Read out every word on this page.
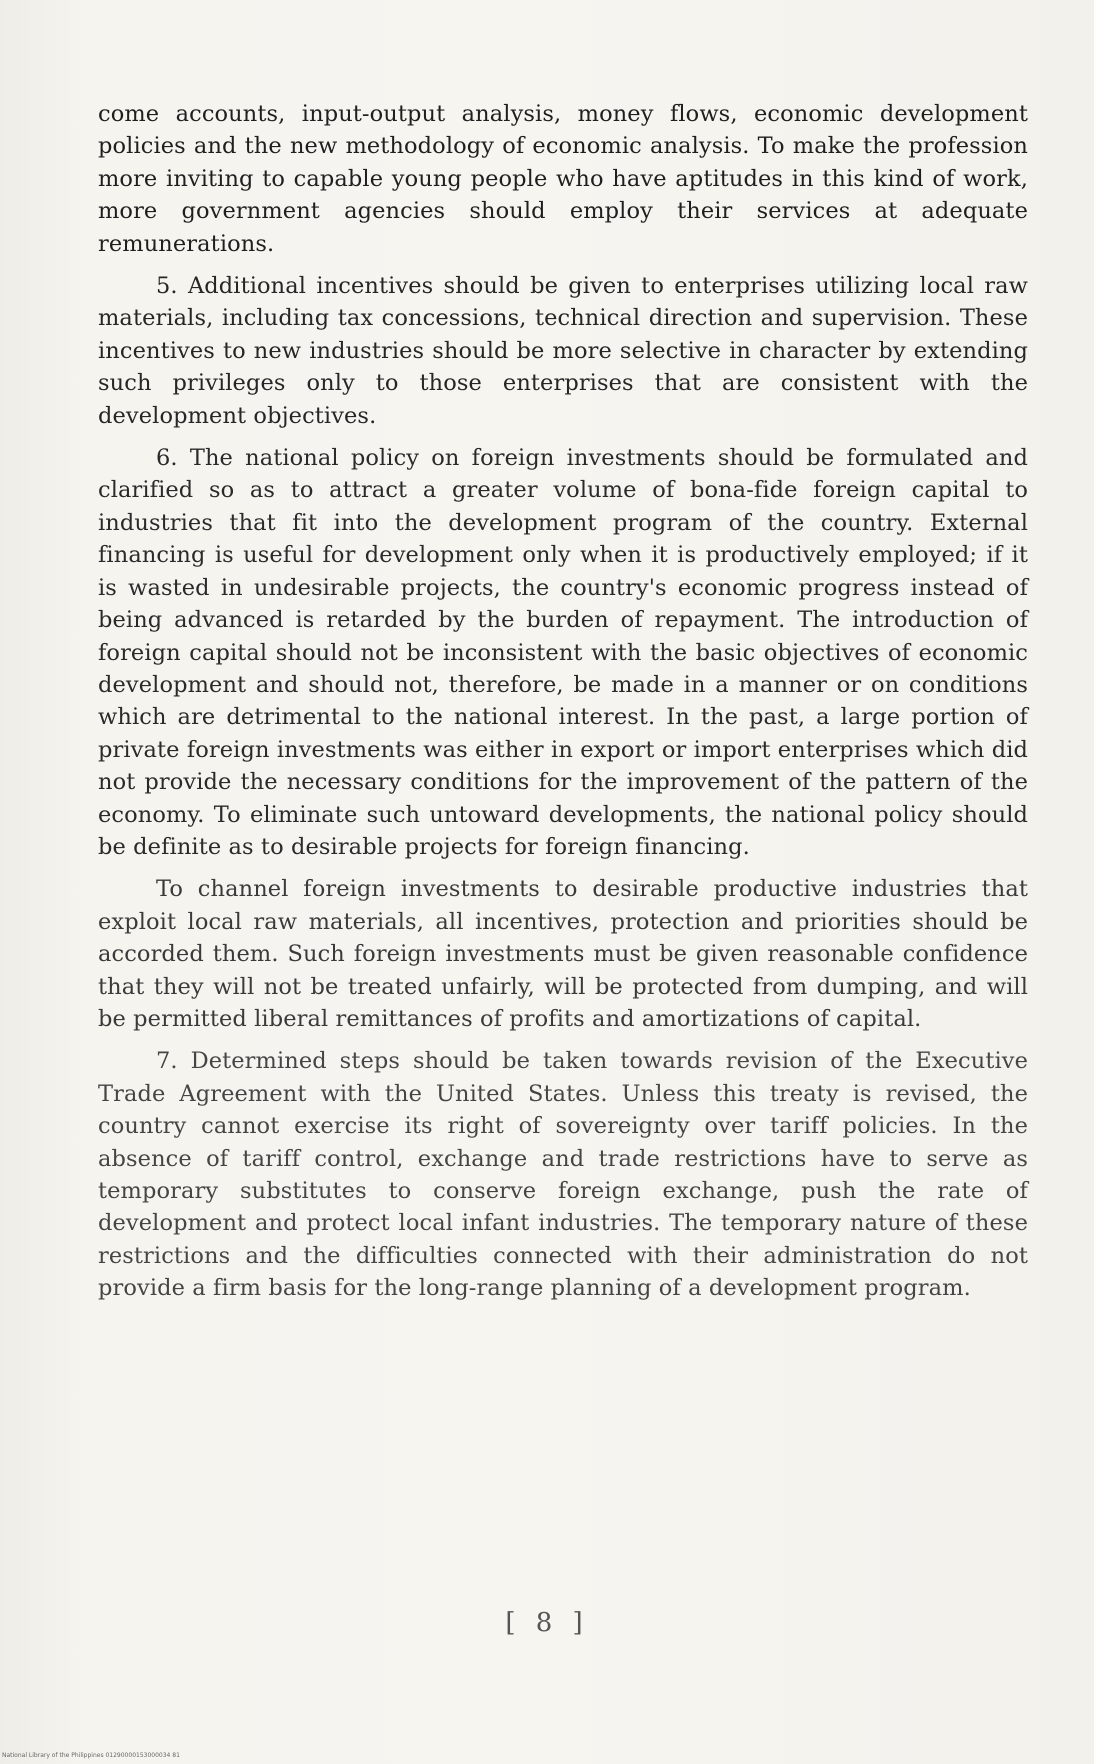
come accounts, input-output analysis, money flows, economic development policies and the new methodology of economic analysis. To make the profession more inviting to capable young people who have aptitudes in this kind of work, more government agencies should employ their services at adequate remunerations.

5. Additional incentives should be given to enterprises utilizing local raw materials, including tax concessions, technical direction and supervision. These incentives to new industries should be more selective in character by extending such privileges only to those enterprises that are consistent with the development objectives.

6. The national policy on foreign investments should be formulated and clarified so as to attract a greater volume of bona-fide foreign capital to industries that fit into the development program of the country. External financing is useful for development only when it is productively employed; if it is wasted in undesirable projects, the country's economic progress instead of being advanced is retarded by the burden of repayment. The introduction of foreign capital should not be inconsistent with the basic objectives of economic development and should not, therefore, be made in a manner or on conditions which are detrimental to the national interest. In the past, a large portion of private foreign investments was either in export or import enterprises which did not provide the necessary conditions for the improvement of the pattern of the economy. To eliminate such untoward developments, the national policy should be definite as to desirable projects for foreign financing.

To channel foreign investments to desirable productive industries that exploit local raw materials, all incentives, protection and priorities should be accorded them. Such foreign investments must be given reasonable confidence that they will not be treated unfairly, will be protected from dumping, and will be permitted liberal remittances of profits and amortizations of capital.

7. Determined steps should be taken towards revision of the Executive Trade Agreement with the United States. Unless this treaty is revised, the country cannot exercise its right of sovereignty over tariff policies. In the absence of tariff control, exchange and trade restrictions have to serve as temporary substitutes to conserve foreign exchange, push the rate of development and protect local infant industries. The temporary nature of these restrictions and the difficulties connected with their administration do not provide a firm basis for the long-range planning of a development program.

[ 8 ]
National Library of the Philippines 01290000153000034 81
